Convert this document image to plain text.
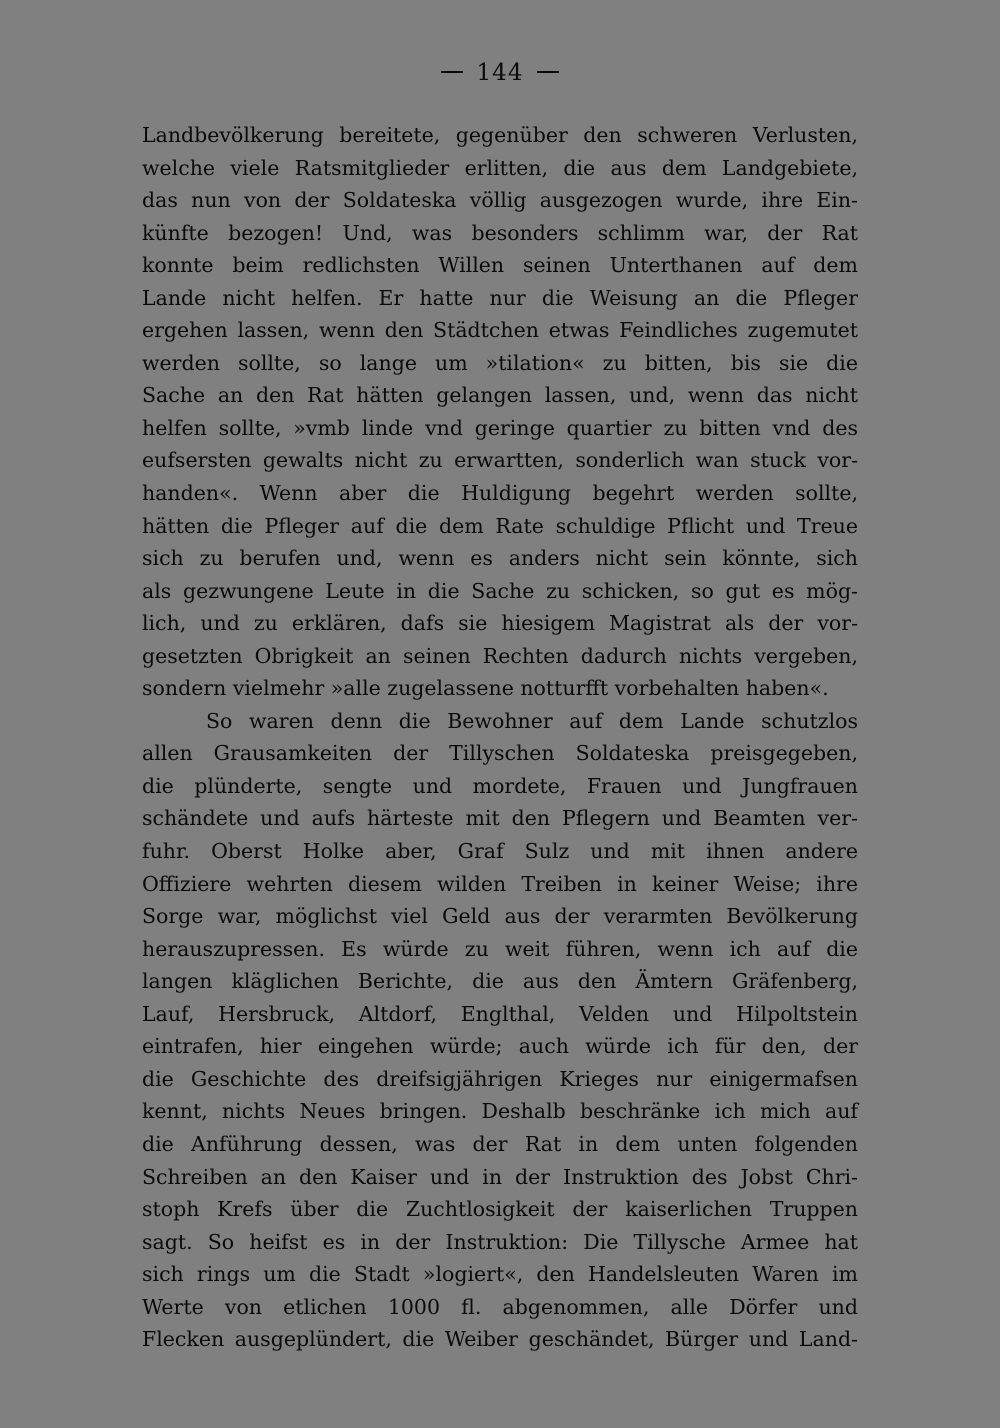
144
Landbevölkerung bereitete, gegenüber den schweren Verlusten,
welche viele Ratsmitglieder erlitten, die aus dem Landgebiete,
das nun von der Soldateska völlig ausgezogen wurde, ihre Ein-
künfte bezogen! Und, was besonders schlimm war, der Rat
konnte beim redlichsten Willen seinen Unterthanen auf dem
Lande nicht helfen. Er hatte nur die Weisung an die Pfleger
ergehen lassen, wenn den Städtchen etwas Feindliches zugemutet
werden sollte, so lange um »tilation« zu bitten, bis sie die
Sache an den Rat hätten gelangen lassen, und, wenn das nicht
helfen sollte, »vmb linde vnd geringe quartier zu bitten vnd des
eufsersten gewalts nicht zu erwartten, sonderlich wan stuck vor-
handen«. Wenn aber die Huldigung begehrt werden sollte,
hätten die Pfleger auf die dem Rate schuldige Pflicht und Treue
sich zu berufen und, wenn es anders nicht sein könnte, sich
als gezwungene Leute in die Sache zu schicken, so gut es mög-
lich, und zu erklären, dafs sie hiesigem Magistrat als der vor-
gesetzten Obrigkeit an seinen Rechten dadurch nichts vergeben,
sondern vielmehr »alle zugelassene notturfft vorbehalten haben«.
So waren denn die Bewohner auf dem Lande schutzlos
allen Grausamkeiten der Tillyschen Soldateska preisgegeben,
die plünderte, sengte und mordete, Frauen und Jungfrauen
schändete und aufs härteste mit den Pflegern und Beamten ver-
fuhr. Oberst Holke aber, Graf Sulz und mit ihnen andere
Offiziere wehrten diesem wilden Treiben in keiner Weise; ihre
Sorge war, möglichst viel Geld aus der verarmten Bevölkerung
herauszupressen. Es würde zu weit führen, wenn ich auf die
langen kläglichen Berichte, die aus den Ämtern Gräfenberg,
Lauf, Hersbruck, Altdorf, Englthal, Velden und Hilpoltstein
eintrafen, hier eingehen würde; auch würde ich für den, der
die Geschichte des dreifsigjährigen Krieges nur einigermafsen
kennt, nichts Neues bringen. Deshalb beschränke ich mich auf
die Anführung dessen, was der Rat in dem unten folgenden
Schreiben an den Kaiser und in der Instruktion des Jobst Chri-
stoph Krefs über die Zuchtlosigkeit der kaiserlichen Truppen
sagt. So heifst es in der Instruktion: Die Tillysche Armee hat
sich rings um die Stadt »logiert«, den Handelsleuten Waren im
Werte von etlichen 1000 fl. abgenommen, alle Dörfer und
Flecken ausgeplündert, die Weiber geschändet, Bürger und Land-
